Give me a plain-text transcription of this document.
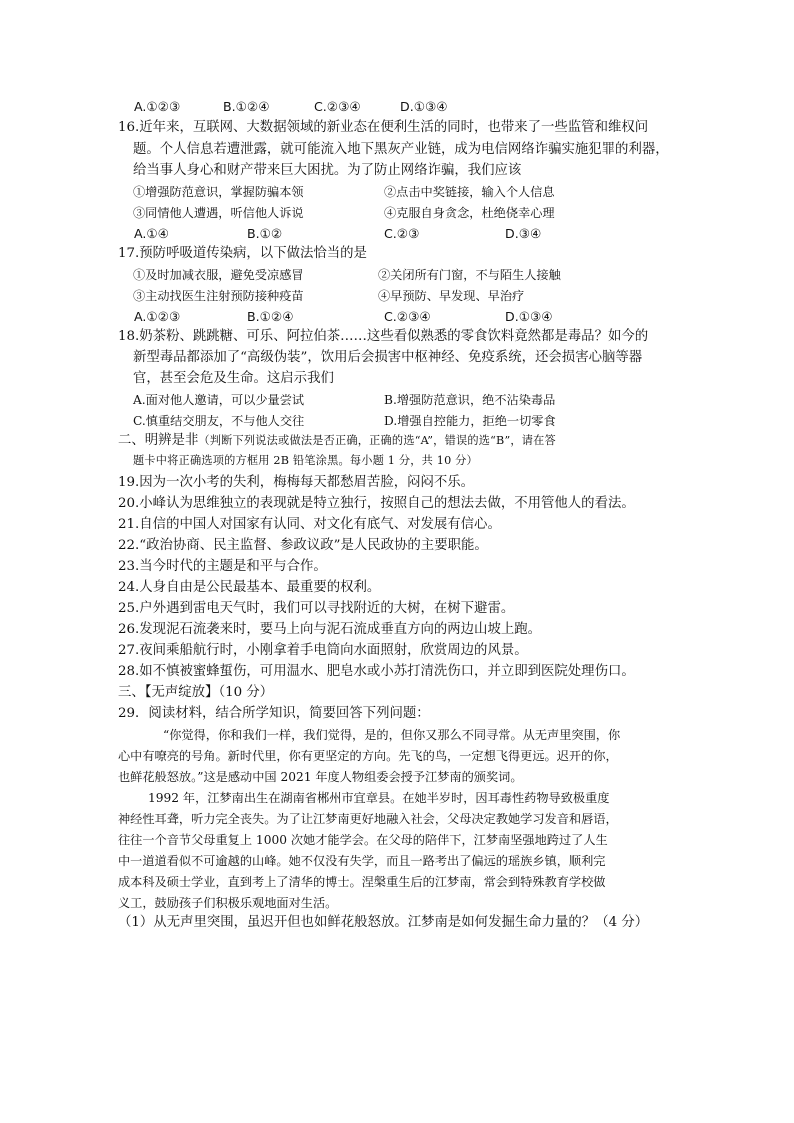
A.①②③	B.①②④	C.②③④	D.①③④
16.近年来，互联网、大数据领域的新业态在便利生活的同时，也带来了一些监管和维权问
题。个人信息若遭泄露，就可能流入地下黑灰产业链，成为电信网络诈骗实施犯罪的利器，
给当事人身心和财产带来巨大困扰。为了防止网络诈骗，我们应该
①增强防范意识，掌握防骗本领	②点击中奖链接，输入个人信息
③同情他人遭遇，听信他人诉说	④克服自身贪念，杜绝侥幸心理
A.①④	B.①②	C.②③	D.③④
17.预防呼吸道传染病，以下做法恰当的是
①及时加减衣服，避免受凉感冒	②关闭所有门窗，不与陌生人接触
③主动找医生注射预防接种疫苗	④早预防、早发现、早治疗
A.①②③	B.①②④	C.②③④	D.①③④
18.奶茶粉、跳跳糖、可乐、阿拉伯茶……这些看似熟悉的零食饮料竟然都是毒品？如今的
新型毒品都添加了“高级伪装”，饮用后会损害中枢神经、免疫系统，还会损害心脑等器
官，甚至会危及生命。这启示我们
A.面对他人邀请，可以少量尝试	B.增强防范意识，绝不沾染毒品
C.慎重结交朋友，不与他人交往	D.增强自控能力，拒绝一切零食
二、明辨是非（判断下列说法或做法是否正确，正确的选“A”，错误的选“B”，请在答
题卡中将正确选项的方框用 2B 铅笔涂黑。每小题 1 分，共 10 分）
19.因为一次小考的失利，梅梅每天都愁眉苦脸，闷闷不乐。
20.小峰认为思维独立的表现就是特立独行，按照自己的想法去做，不用管他人的看法。
21.自信的中国人对国家有认同、对文化有底气、对发展有信心。
22.“政治协商、民主监督、参政议政”是人民政协的主要职能。
23.当今时代的主题是和平与合作。
24.人身自由是公民最基本、最重要的权利。
25.户外遇到雷电天气时，我们可以寻找附近的大树，在树下避雷。
26.发现泥石流袭来时，要马上向与泥石流成垂直方向的两边山坡上跑。
27.夜间乘船航行时，小刚拿着手电筒向水面照射，欣赏周边的风景。
28.如不慎被蜜蜂蜇伤，可用温水、肥皂水或小苏打清洗伤口，并立即到医院处理伤口。
三、【无声绽放】（10 分）
29．阅读材料，结合所学知识，简要回答下列问题：
“你觉得，你和我们一样，我们觉得，是的，但你又那么不同寻常。从无声里突围，你
心中有嘹亮的号角。新时代里，你有更坚定的方向。先飞的鸟，一定想飞得更远。迟开的你，
也鲜花般怒放。”这是感动中国 2021 年度人物组委会授予江梦南的颁奖词。
1992 年，江梦南出生在湖南省郴州市宜章县。在她半岁时，因耳毒性药物导致极重度
神经性耳聋，听力完全丧失。为了让江梦南更好地融入社会，父母决定教她学习发音和唇语，
往往一个音节父母重复上 1000 次她才能学会。在父母的陪伴下，江梦南坚强地跨过了人生
中一道道看似不可逾越的山峰。她不仅没有失学，而且一路考出了偏远的瑶族乡镇，顺利完
成本科及硕士学业，直到考上了清华的博士。涅槃重生后的江梦南，常会到特殊教育学校做
义工，鼓励孩子们积极乐观地面对生活。
（1）从无声里突围，虽迟开但也如鲜花般怒放。江梦南是如何发掘生命力量的？（4 分）
